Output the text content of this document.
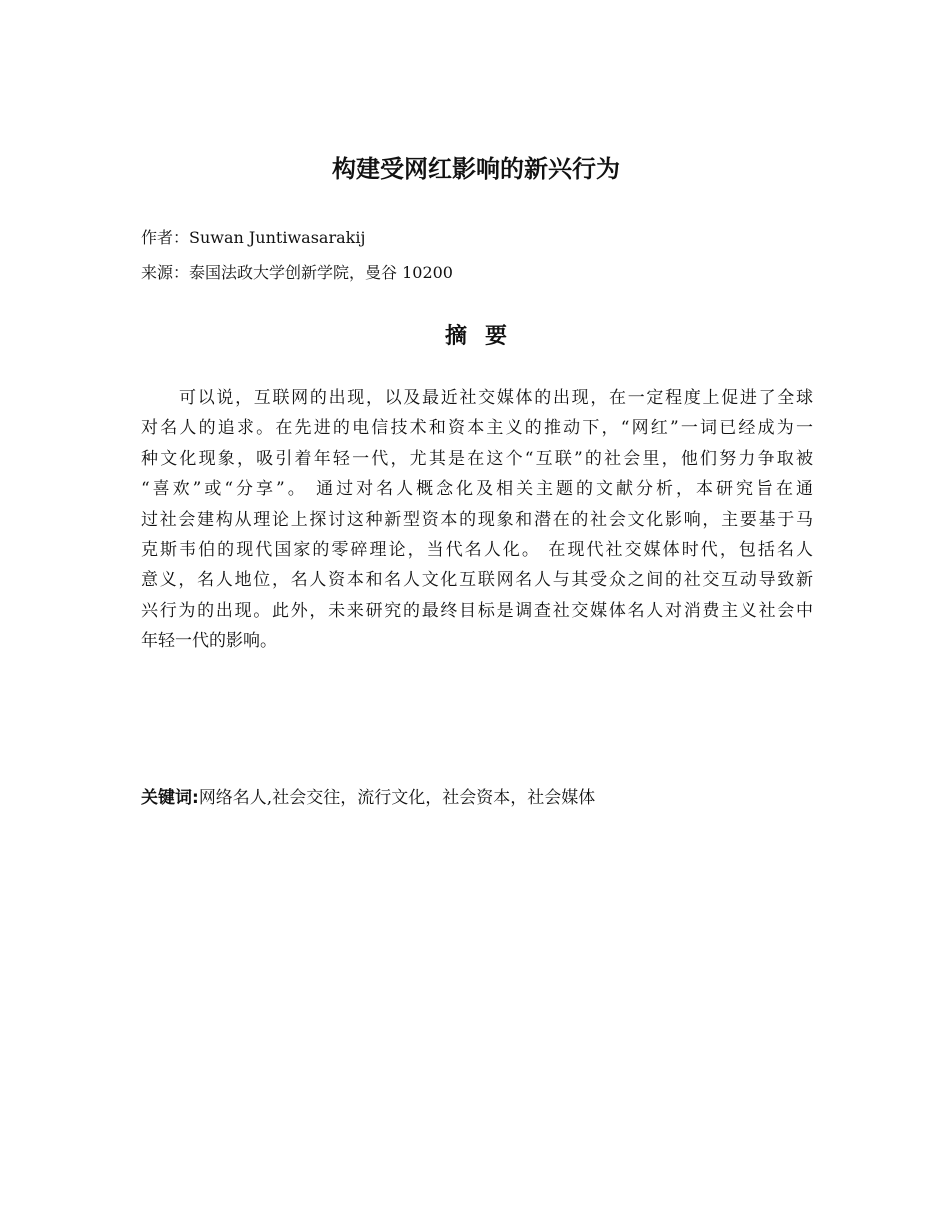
构建受网红影响的新兴行为
作者：Suwan Juntiwasarakij
来源：泰国法政大学创新学院，曼谷 10200
摘要
可以说，互联网的出现，以及最近社交媒体的出现，在一定程度上促进了全球
对名人的追求。在先进的电信技术和资本主义的推动下，“网红”一词已经成为一
种文化现象，吸引着年轻一代，尤其是在这个“互联”的社会里，他们努力争取被
“喜欢”或“分享”。 通过对名人概念化及相关主题的文献分析，本研究旨在通
过社会建构从理论上探讨这种新型资本的现象和潜在的社会文化影响，主要基于马
克斯韦伯的现代国家的零碎理论，当代名人化。 在现代社交媒体时代，包括名人
意义，名人地位，名人资本和名人文化互联网名人与其受众之间的社交互动导致新
兴行为的出现。此外，未来研究的最终目标是调查社交媒体名人对消费主义社会中
年轻一代的影响。
关键词:网络名人,社会交往，流行文化，社会资本，社会媒体
